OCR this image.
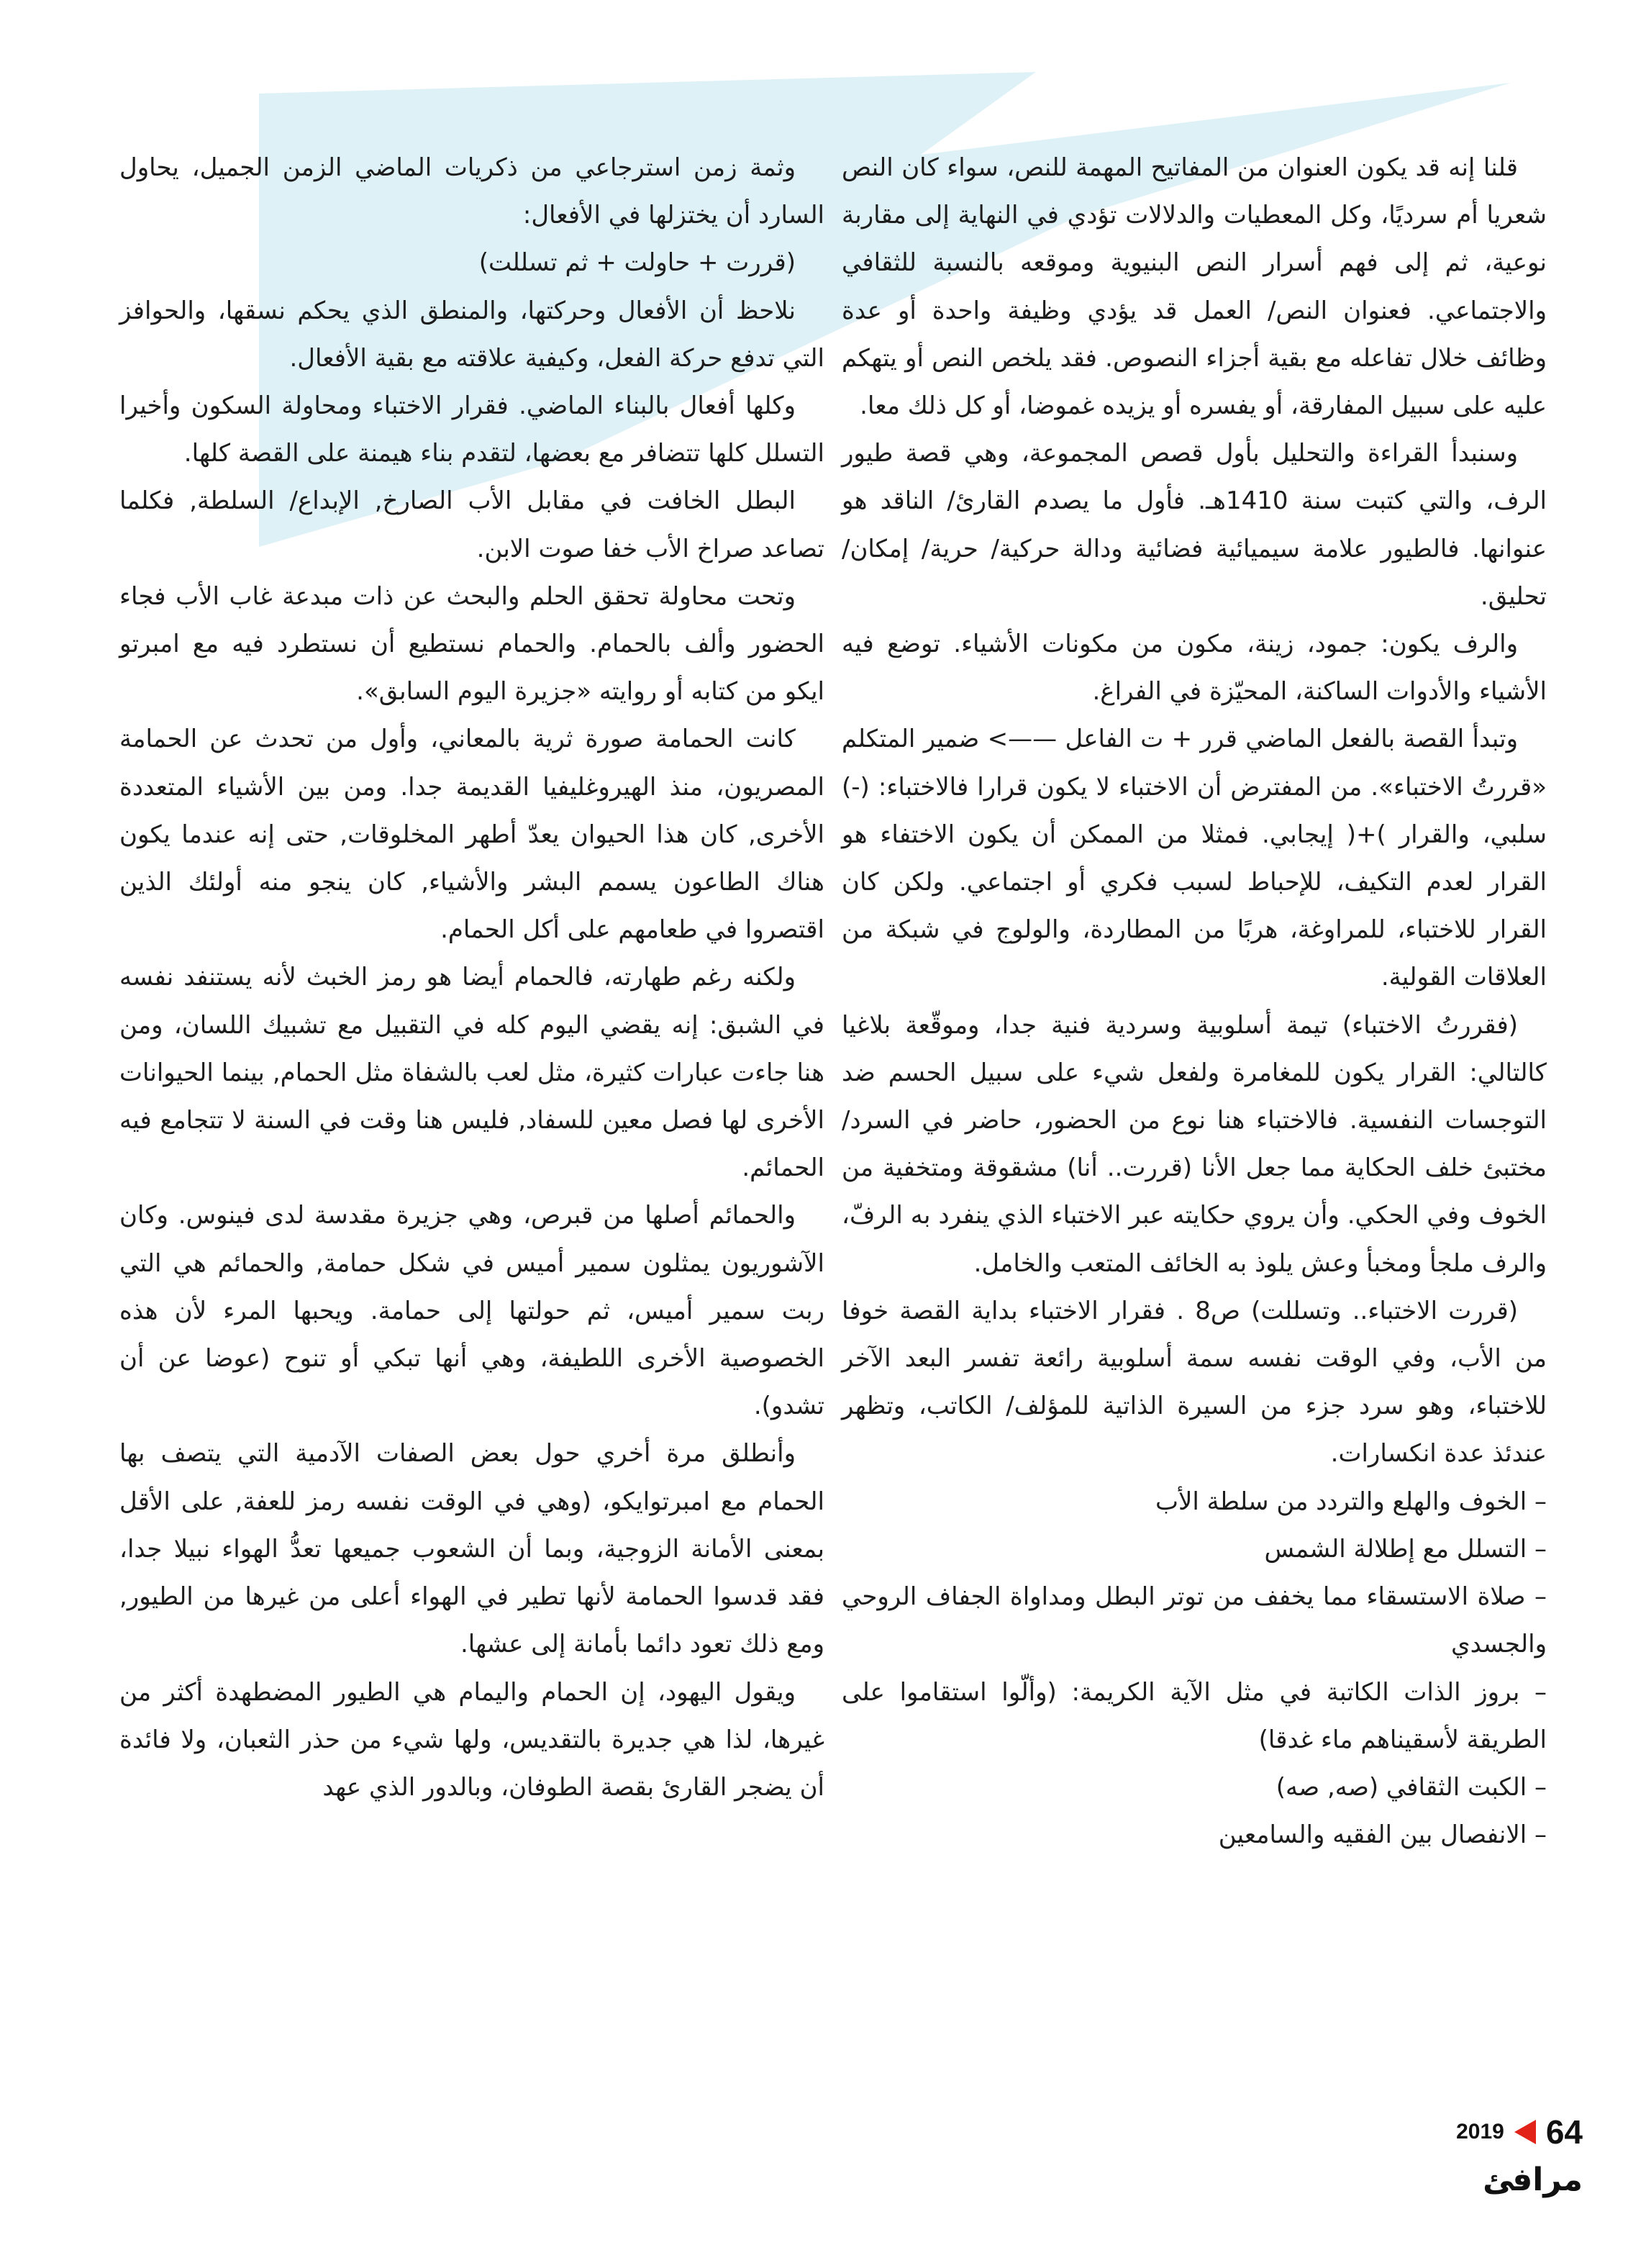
قلنا إنه قد يكون العنوان من المفاتيح المهمة للنص، سواء كان النص شعريا أم سرديًا، وكل المعطيات والدلالات تؤدي في النهاية إلى مقاربة نوعية، ثم إلى فهم أسرار النص البنيوية وموقعه بالنسبة للثقافي والاجتماعي. فعنوان النص/ العمل قد يؤدي وظيفة واحدة أو عدة وظائف خلال تفاعله مع بقية أجزاء النصوص. فقد يلخص النص أو يتهكم عليه على سبيل المفارقة، أو يفسره أو يزيده غموضا، أو كل ذلك معا.

وسنبدأ القراءة والتحليل بأول قصص المجموعة، وهي قصة طيور الرف، والتي كتبت سنة 1410هـ. فأول ما يصدم القارئ/ الناقد هو عنوانها. فالطيور علامة سيميائية فضائية ودالة حركية/ حرية/ إمكان/ تحليق.

والرف يكون: جمود، زينة، مكون من مكونات الأشياء. توضع فيه الأشياء والأدوات الساكنة، المحيّزة في الفراغ.

وتبدأ القصة بالفعل الماضي قرر + ت الفاعل ——> ضمير المتكلم «قررتُ الاختباء». من المفترض أن الاختباء لا يكون قرارا فالاختباء: (-) سلبي، والقرار )+( إيجابي. فمثلا من الممكن أن يكون الاختفاء هو القرار لعدم التكيف، للإحباط لسبب فكري أو اجتماعي. ولكن كان القرار للاختباء، للمراوغة، هربًا من المطاردة، والولوج في شبكة من العلاقات القولية.

(فقررتُ الاختباء) تيمة أسلوبية وسردية فنية جدا، وموقّعة بلاغيا كالتالي: القرار يكون للمغامرة ولفعل شيء على سبيل الحسم ضد التوجسات النفسية. فالاختباء هنا نوع من الحضور، حاضر في السرد/ مختبئ خلف الحكاية مما جعل الأنا (قررت.. أنا) مشقوقة ومتخفية من الخوف وفي الحكي. وأن يروي حكايته عبر الاختباء الذي ينفرد به الرفّ، والرف ملجأ ومخبأ وعش يلوذ به الخائف المتعب والخامل.

(قررت الاختباء.. وتسللت) ص8 . فقرار الاختباء بداية القصة خوفا من الأب، وفي الوقت نفسه سمة أسلوبية رائعة تفسر البعد الآخر للاختباء، وهو سرد جزء من السيرة الذاتية للمؤلف/ الكاتب، وتظهر عندئذ عدة انكسارات.

– الخوف والهلع والتردد من سلطة الأب

– التسلل مع إطلالة الشمس

– صلاة الاستسقاء مما يخفف من توتر البطل ومداواة الجفاف الروحي والجسدي

– بروز الذات الكاتبة في مثل الآية الكريمة: (وألّوا استقاموا على الطريقة لأسقيناهم ماء غدقا)

– الكبت الثقافي (صه, صه)

– الانفصال بين الفقيه والسامعين

وثمة زمن استرجاعي من ذكريات الماضي الزمن الجميل، يحاول السارد أن يختزلها في الأفعال:

(قررت + حاولت + ثم تسللت)

نلاحظ أن الأفعال وحركتها، والمنطق الذي يحكم نسقها، والحوافز التي تدفع حركة الفعل، وكيفية علاقته مع بقية الأفعال.

وكلها أفعال بالبناء الماضي. فقرار الاختباء ومحاولة السكون وأخيرا التسلل كلها تتضافر مع بعضها، لتقدم بناء هيمنة على القصة كلها.

البطل الخافت في مقابل الأب الصارخ, الإبداع/ السلطة, فكلما تصاعد صراخ الأب خفا صوت الابن.

وتحت محاولة تحقق الحلم والبحث عن ذات مبدعة غاب الأب فجاء الحضور وألف بالحمام. والحمام نستطيع أن نستطرد فيه مع امبرتو ايكو من كتابه أو روايته «جزيرة اليوم السابق».

كانت الحمامة صورة ثرية بالمعاني، وأول من تحدث عن الحمامة المصريون، منذ الهيروغليفيا القديمة جدا. ومن بين الأشياء المتعددة الأخرى, كان هذا الحيوان يعدّ أطهر المخلوقات, حتى إنه عندما يكون هناك الطاعون يسمم البشر والأشياء, كان ينجو منه أولئك الذين اقتصروا في طعامهم على أكل الحمام.

ولكنه رغم طهارته، فالحمام أيضا هو رمز الخبث لأنه يستنفد نفسه في الشبق: إنه يقضي اليوم كله في التقبيل مع تشبيك اللسان، ومن هنا جاءت عبارات كثيرة، مثل لعب بالشفاة مثل الحمام, بينما الحيوانات الأخرى لها فصل معين للسفاد, فليس هنا وقت في السنة لا تتجامع فيه الحمائم.

والحمائم أصلها من قبرص، وهي جزيرة مقدسة لدى فينوس. وكان الآشوريون يمثلون سمير أميس في شكل حمامة, والحمائم هي التي ربت سمير أميس، ثم حولتها إلى حمامة. ويحبها المرء لأن هذه الخصوصية الأخرى اللطيفة، وهي أنها تبكي أو تنوح (عوضا عن أن تشدو).

وأنطلق مرة أخري حول بعض الصفات الآدمية التي يتصف بها الحمام مع امبرتوايكو، (وهي في الوقت نفسه رمز للعفة, على الأقل بمعنى الأمانة الزوجية، وبما أن الشعوب جميعها تعدُّ الهواء نبيلا جدا، فقد قدسوا الحمامة لأنها تطير في الهواء أعلى من غيرها من الطيور, ومع ذلك تعود دائما بأمانة إلى عشها.

ويقول اليهود، إن الحمام واليمام هي الطيور المضطهدة أكثر من غيرها، لذا هي جديرة بالتقديس، ولها شيء من حذر الثعبان، ولا فائدة أن يضجر القارئ بقصة الطوفان، وبالدور الذي عهد

64
2019
مرافئ
